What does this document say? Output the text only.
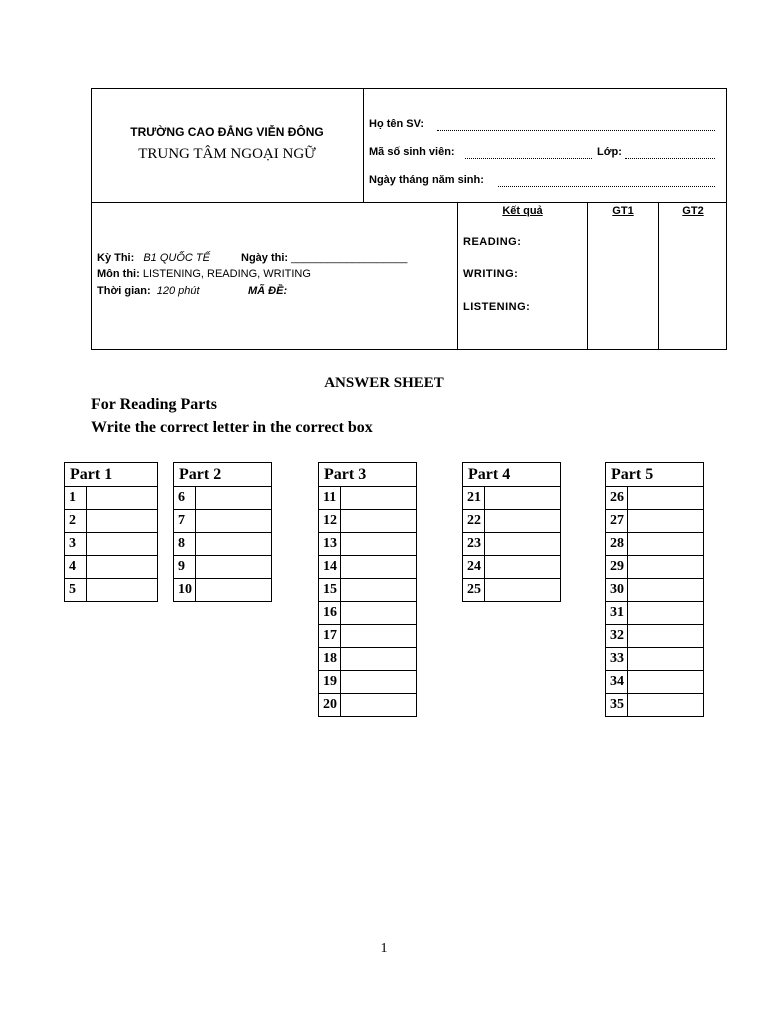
TRƯỜNG CAO ĐẲNG VIỄN ĐÔNG
TRUNG TÂM NGOẠI NGỮ
Họ tên SV:
Mã số sinh viên:	Lớp:
Ngày tháng năm sinh:
Kỳ Thi: B1 QUỐC TẾ	Ngày thi: ___________________
Môn thi: LISTENING, READING, WRITING
Thời gian: 120 phút	MÃ ĐỀ:
Kết quả	GT1	GT2
READING:
WRITING:
LISTENING:
ANSWER SHEET
For Reading Parts
Write the correct letter in the correct box
Part 1	
1	
2	
3	
4	
5	
Part 2	
6	
7	
8	
9	
10	
Part 3	
11	
12	
13	
14	
15	
16	
17	
18	
19	
20	
Part 4	
21	
22	
23	
24	
25	
Part 5	
26	
27	
28	
29	
30	
31	
32	
33	
34	
35	
1
